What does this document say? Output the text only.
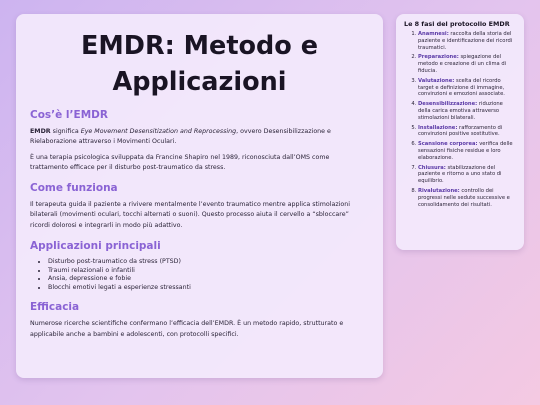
EMDR: Metodo e Applicazioni
Cos’è l’EMDR

EMDR significa Eye Movement Desensitization and Reprocessing, ovvero Desensibilizzazione e Rielaborazione attraverso i Movimenti Oculari.

È una terapia psicologica sviluppata da Francine Shapiro nel 1989, riconosciuta dall’OMS come trattamento efficace per il disturbo post-traumatico da stress.

Come funziona

Il terapeuta guida il paziente a rivivere mentalmente l’evento traumatico mentre applica stimolazioni bilaterali (movimenti oculari, tocchi alternati o suoni). Questo processo aiuta il cervello a “sbloccare” ricordi dolorosi e integrarli in modo più adattivo.

Applicazioni principali
• Disturbo post-traumatico da stress (PTSD)
• Traumi relazionali o infantili
• Ansia, depressione e fobie
• Blocchi emotivi legati a esperienze stressanti
Efficacia

Numerose ricerche scientifiche confermano l’efficacia dell’EMDR. È un metodo rapido, strutturato e applicabile anche a bambini e adolescenti, con protocolli specifici.

Le 8 fasi del protocollo EMDR
1. Anamnesi: raccolta della storia del paziente e identificazione dei ricordi traumatici.
2. Preparazione: spiegazione del metodo e creazione di un clima di fiducia.
3. Valutazione: scelta del ricordo target e definizione di immagine, convinzioni e emozioni associate.
4. Desensibilizzazione: riduzione della carica emotiva attraverso stimolazioni bilaterali.
5. Installazione: rafforzamento di convinzioni positive sostitutive.
6. Scansione corporea: verifica delle sensazioni fisiche residue e loro elaborazione.
7. Chiusura: stabilizzazione del paziente e ritorno a uno stato di equilibrio.
8. Rivalutazione: controllo dei progressi nelle sedute successive e consolidamento dei risultati.
